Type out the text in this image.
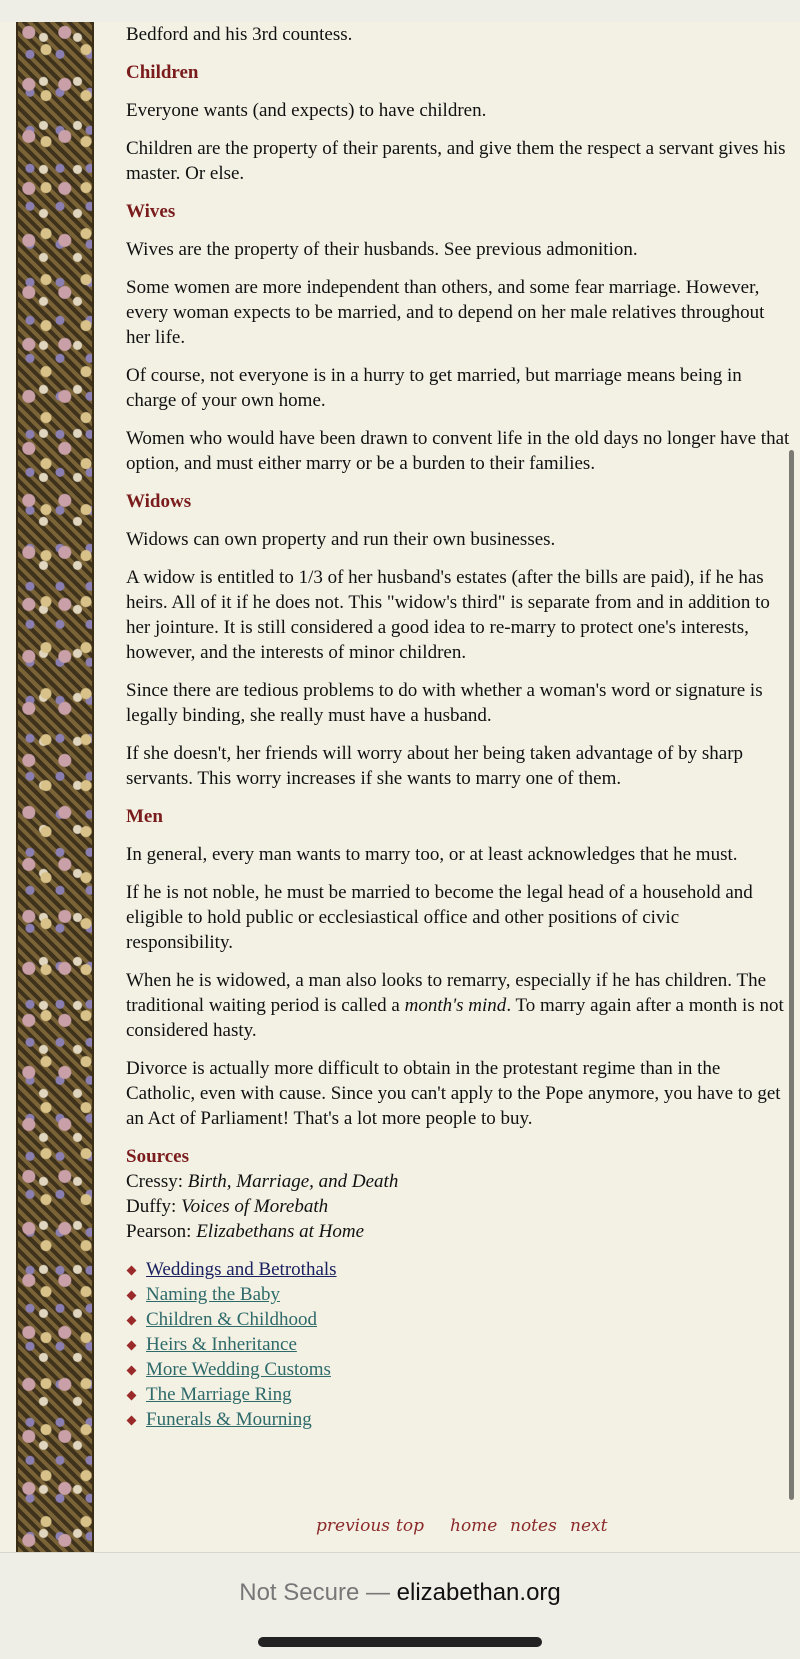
Bedford and his 3rd countess.

Children

Everyone wants (and expects) to have children.

Children are the property of their parents, and give them the respect a servant gives his master. Or else.

Wives

Wives are the property of their husbands. See previous admonition.

Some women are more independent than others, and some fear marriage. However, every woman expects to be married, and to depend on her male relatives throughout her life.

Of course, not everyone is in a hurry to get married, but marriage means being in charge of your own home.

Women who would have been drawn to convent life in the old days no longer have that option, and must either marry or be a burden to their families.

Widows

Widows can own property and run their own businesses.

A widow is entitled to 1/3 of her husband's estates (after the bills are paid), if he has heirs. All of it if he does not. This "widow's third" is separate from and in addition to her jointure. It is still considered a good idea to re-marry to protect one's interests, however, and the interests of minor children.

Since there are tedious problems to do with whether a woman's word or signature is legally binding, she really must have a husband.

If she doesn't, her friends will worry about her being taken advantage of by sharp servants. This worry increases if she wants to marry one of them.

Men

In general, every man wants to marry too, or at least acknowledges that he must.

If he is not noble, he must be married to become the legal head of a household and eligible to hold public or ecclesiastical office and other positions of civic responsibility.

When he is widowed, a man also looks to remarry, especially if he has children. The traditional waiting period is called a month's mind. To marry again after a month is not considered hasty.

Divorce is actually more difficult to obtain in the protestant regime than in the Catholic, even with cause. Since you can't apply to the Pope anymore, you have to get an Act of Parliament! That's a lot more people to buy.

Sources
Cressy: Birth, Marriage, and Death
Duffy: Voices of Morebath
Pearson: Elizabethans at Home
Weddings and Betrothals
Naming the Baby
Children & Childhood
Heirs & Inheritance
More Wedding Customs
The Marriage Ring
Funerals & Mourning
previous top home notes next
Not Secure — elizabethan.org
